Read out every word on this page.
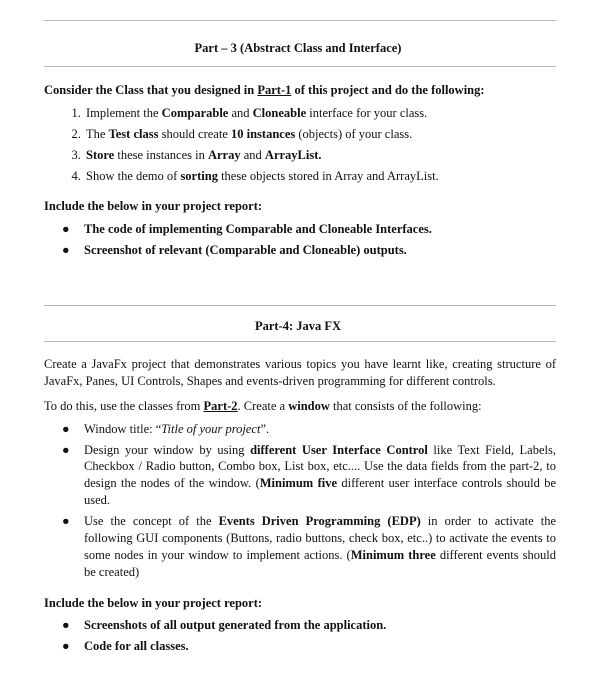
Part – 3 (Abstract Class and Interface)

Consider the Class that you designed in Part-1 of this project and do the following:

1. Implement the Comparable and Cloneable interface for your class.
2. The Test class should create 10 instances (objects) of your class.
3. Store these instances in Array and ArrayList.
4. Show the demo of sorting these objects stored in Array and ArrayList.

Include the below in your project report:

● The code of implementing Comparable and Cloneable Interfaces.
● Screenshot of relevant (Comparable and Cloneable) outputs.
Part-4: Java FX

Create a JavaFx project that demonstrates various topics you have learnt like, creating structure of JavaFx, Panes, UI Controls, Shapes and events-driven programming for different controls.

To do this, use the classes from Part-2. Create a window that consists of the following:

● Window title: “Title of your project”.
● Design your window by using different User Interface Control like Text Field, Labels, Checkbox / Radio button, Combo box, List box, etc.... Use the data fields from the part-2, to design the nodes of the window. (Minimum five different user interface controls should be used.
● Use the concept of the Events Driven Programming (EDP) in order to activate the following GUI components (Buttons, radio buttons, check box, etc..) to activate the events to some nodes in your window to implement actions. (Minimum three different events should be created)

Include the below in your project report:

● Screenshots of all output generated from the application.
● Code for all classes.
